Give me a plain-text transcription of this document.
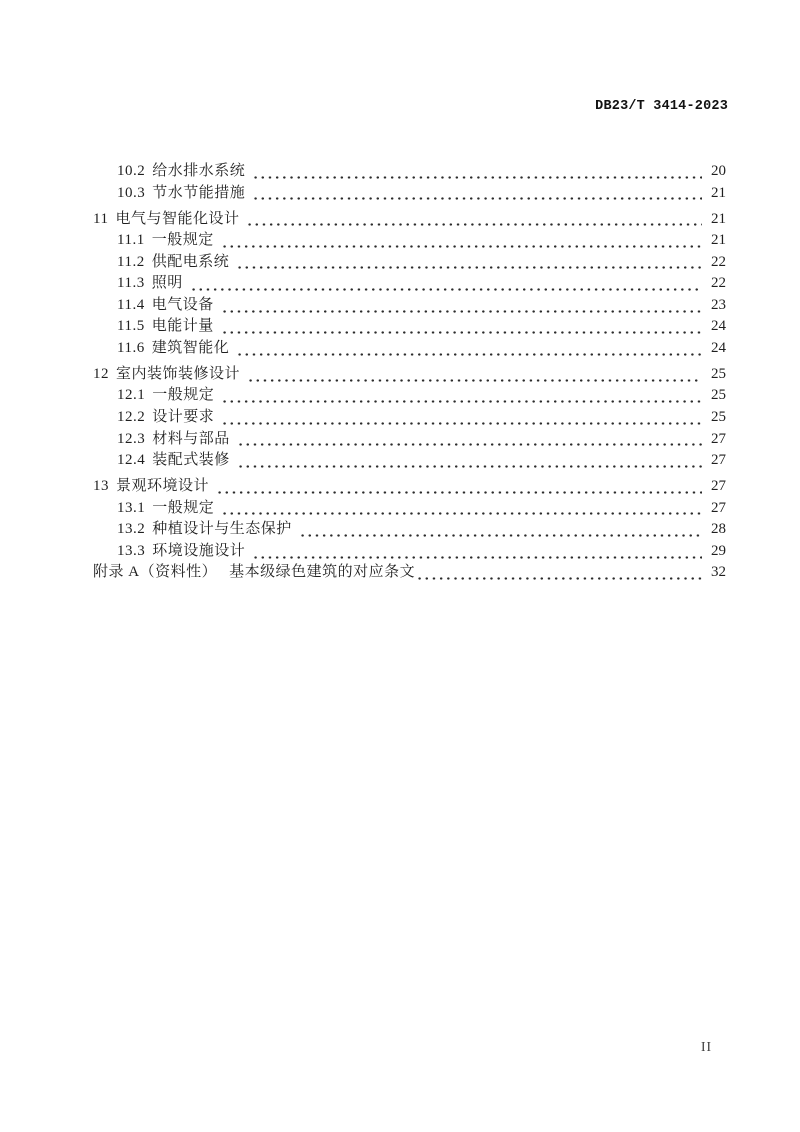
DB23/T 3414-2023
10.2 给水排水系统	20
10.3 节水节能措施	21
11 电气与智能化设计	21
11.1 一般规定	21
11.2 供配电系统	22
11.3 照明	22
11.4 电气设备	23
11.5 电能计量	24
11.6 建筑智能化	24
12 室内装饰装修设计	25
12.1 一般规定	25
12.2 设计要求	25
12.3 材料与部品	27
12.4 装配式装修	27
13 景观环境设计	27
13.1 一般规定	27
13.2 种植设计与生态保护	28
13.3 环境设施设计	29
附录 A（资料性） 基本级绿色建筑的对应条文	32
II
